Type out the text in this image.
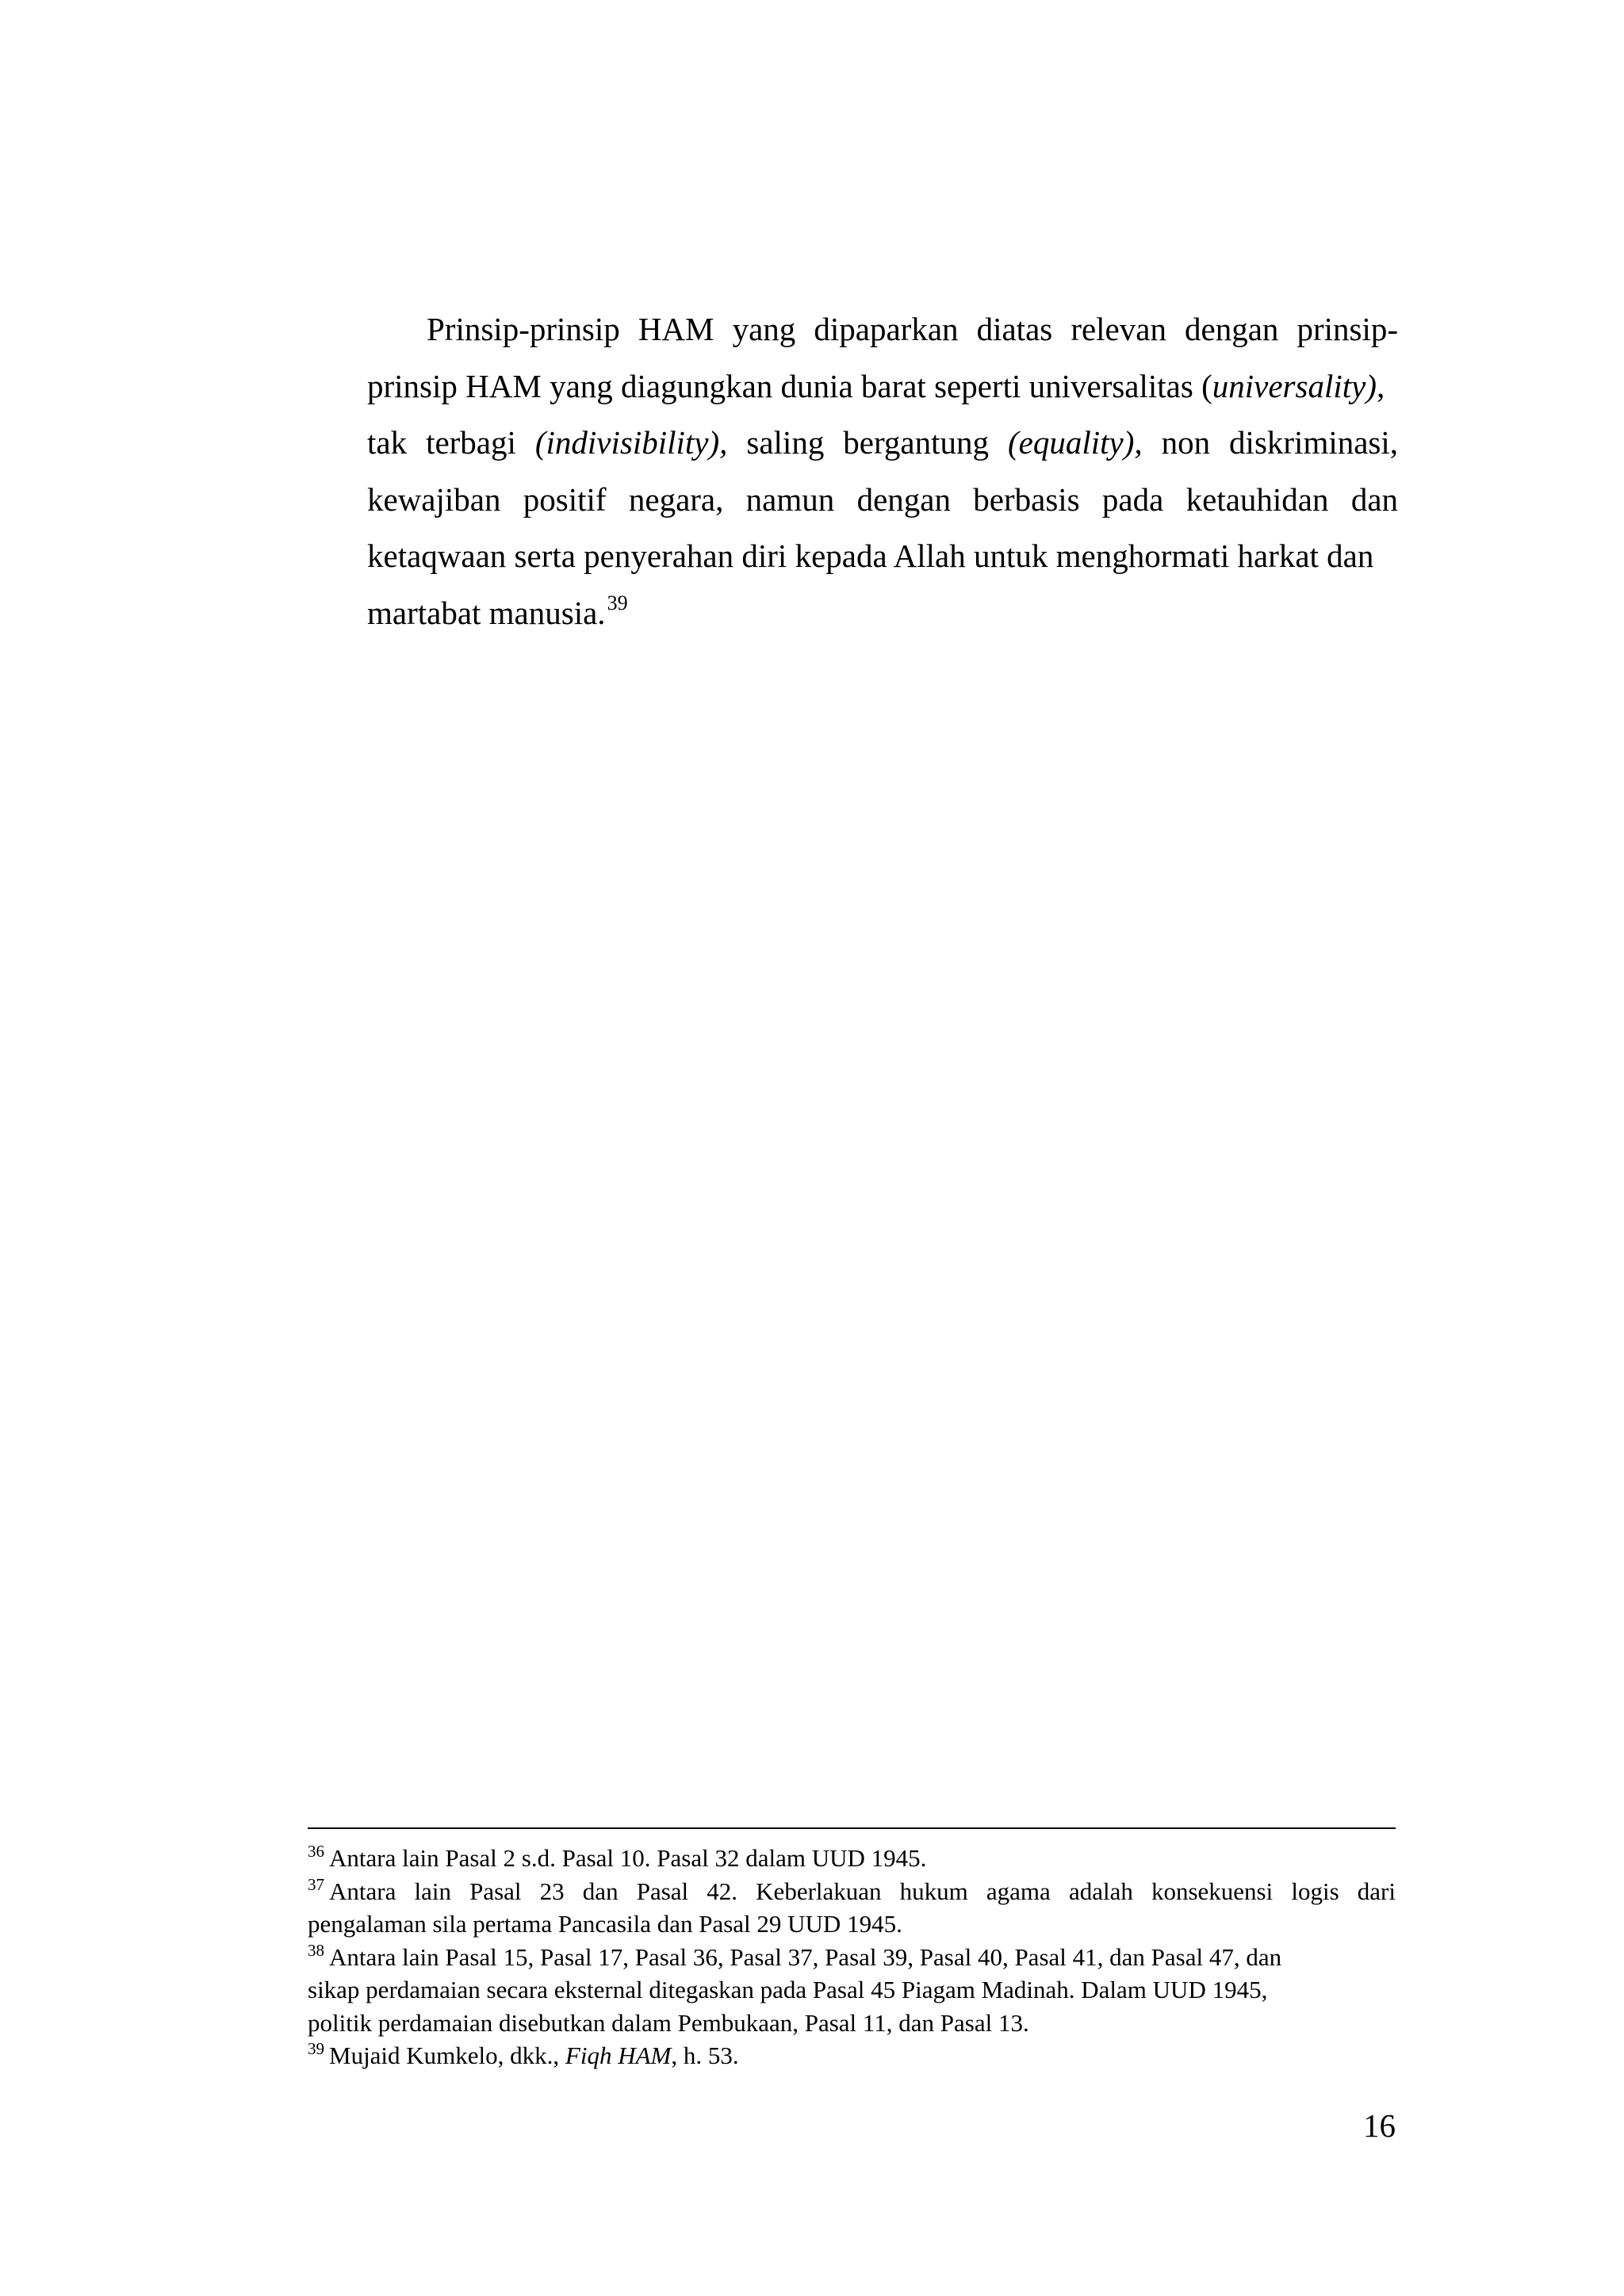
Prinsip-prinsip HAM yang dipaparkan diatas relevan dengan prinsip-
prinsip HAM yang diagungkan dunia barat seperti universalitas (universality),
tak terbagi (indivisibility), saling bergantung (equality), non diskriminasi,
kewajiban positif negara, namun dengan berbasis pada ketauhidan dan
ketaqwaan serta penyerahan diri kepada Allah untuk menghormati harkat dan
martabat manusia.$^{39}$
$^{36}$ Antara lain Pasal 2 s.d. Pasal 10. Pasal 32 dalam UUD 1945.
$^{37}$ Antara lain Pasal 23 dan Pasal 42. Keberlakuan hukum agama adalah konsekuensi logis dari
pengalaman sila pertama Pancasila dan Pasal 29 UUD 1945.
$^{38}$ Antara lain Pasal 15, Pasal 17, Pasal 36, Pasal 37, Pasal 39, Pasal 40, Pasal 41, dan Pasal 47, dan
sikap perdamaian secara eksternal ditegaskan pada Pasal 45 Piagam Madinah. Dalam UUD 1945,
politik perdamaian disebutkan dalam Pembukaan, Pasal 11, dan Pasal 13.
$^{39}$ Mujaid Kumkelo, dkk., Fiqh HAM, h. 53.
16
